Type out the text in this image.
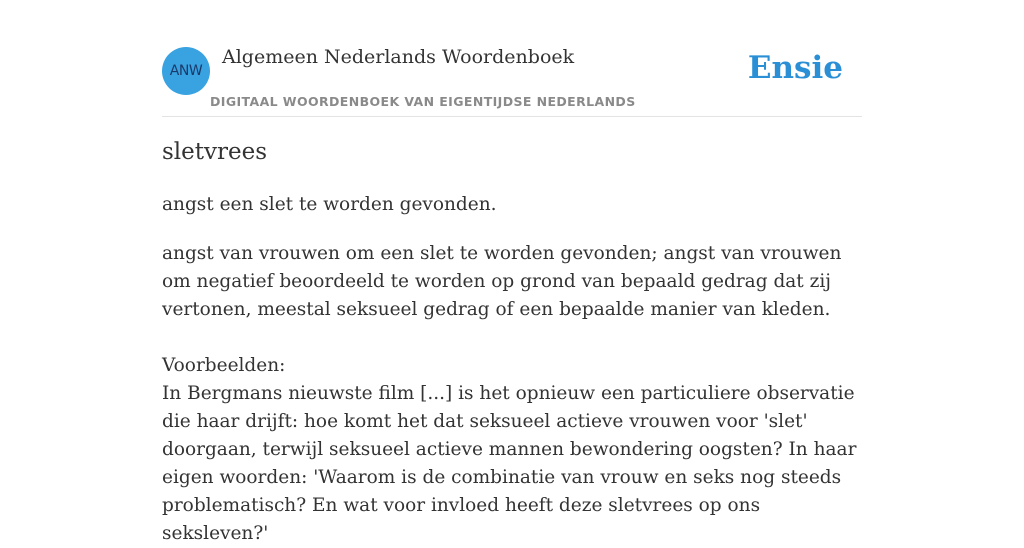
ANW
Algemeen Nederlands Woordenboek
DIGITAAL WOORDENBOEK VAN EIGENTIJDSE NEDERLANDS
Ensie
sletvrees
angst een slet te worden gevonden.

angst van vrouwen om een slet te worden gevonden; angst van vrouwen om negatief beoordeeld te worden op grond van bepaald gedrag dat zij vertonen, meestal seksueel gedrag of een bepaalde manier van kleden.

Voorbeelden:

In Bergmans nieuwste film [...] is het opnieuw een particuliere observatie die haar drijft: hoe komt het dat seksueel actieve vrouwen voor 'slet' doorgaan, terwijl seksueel actieve mannen bewondering oogsten? In haar eigen woorden: 'Waarom is de combinatie van vrouw en seks nog steeds problematisch? En wat voor invloed heeft deze sletvrees op ons seksleven?'
